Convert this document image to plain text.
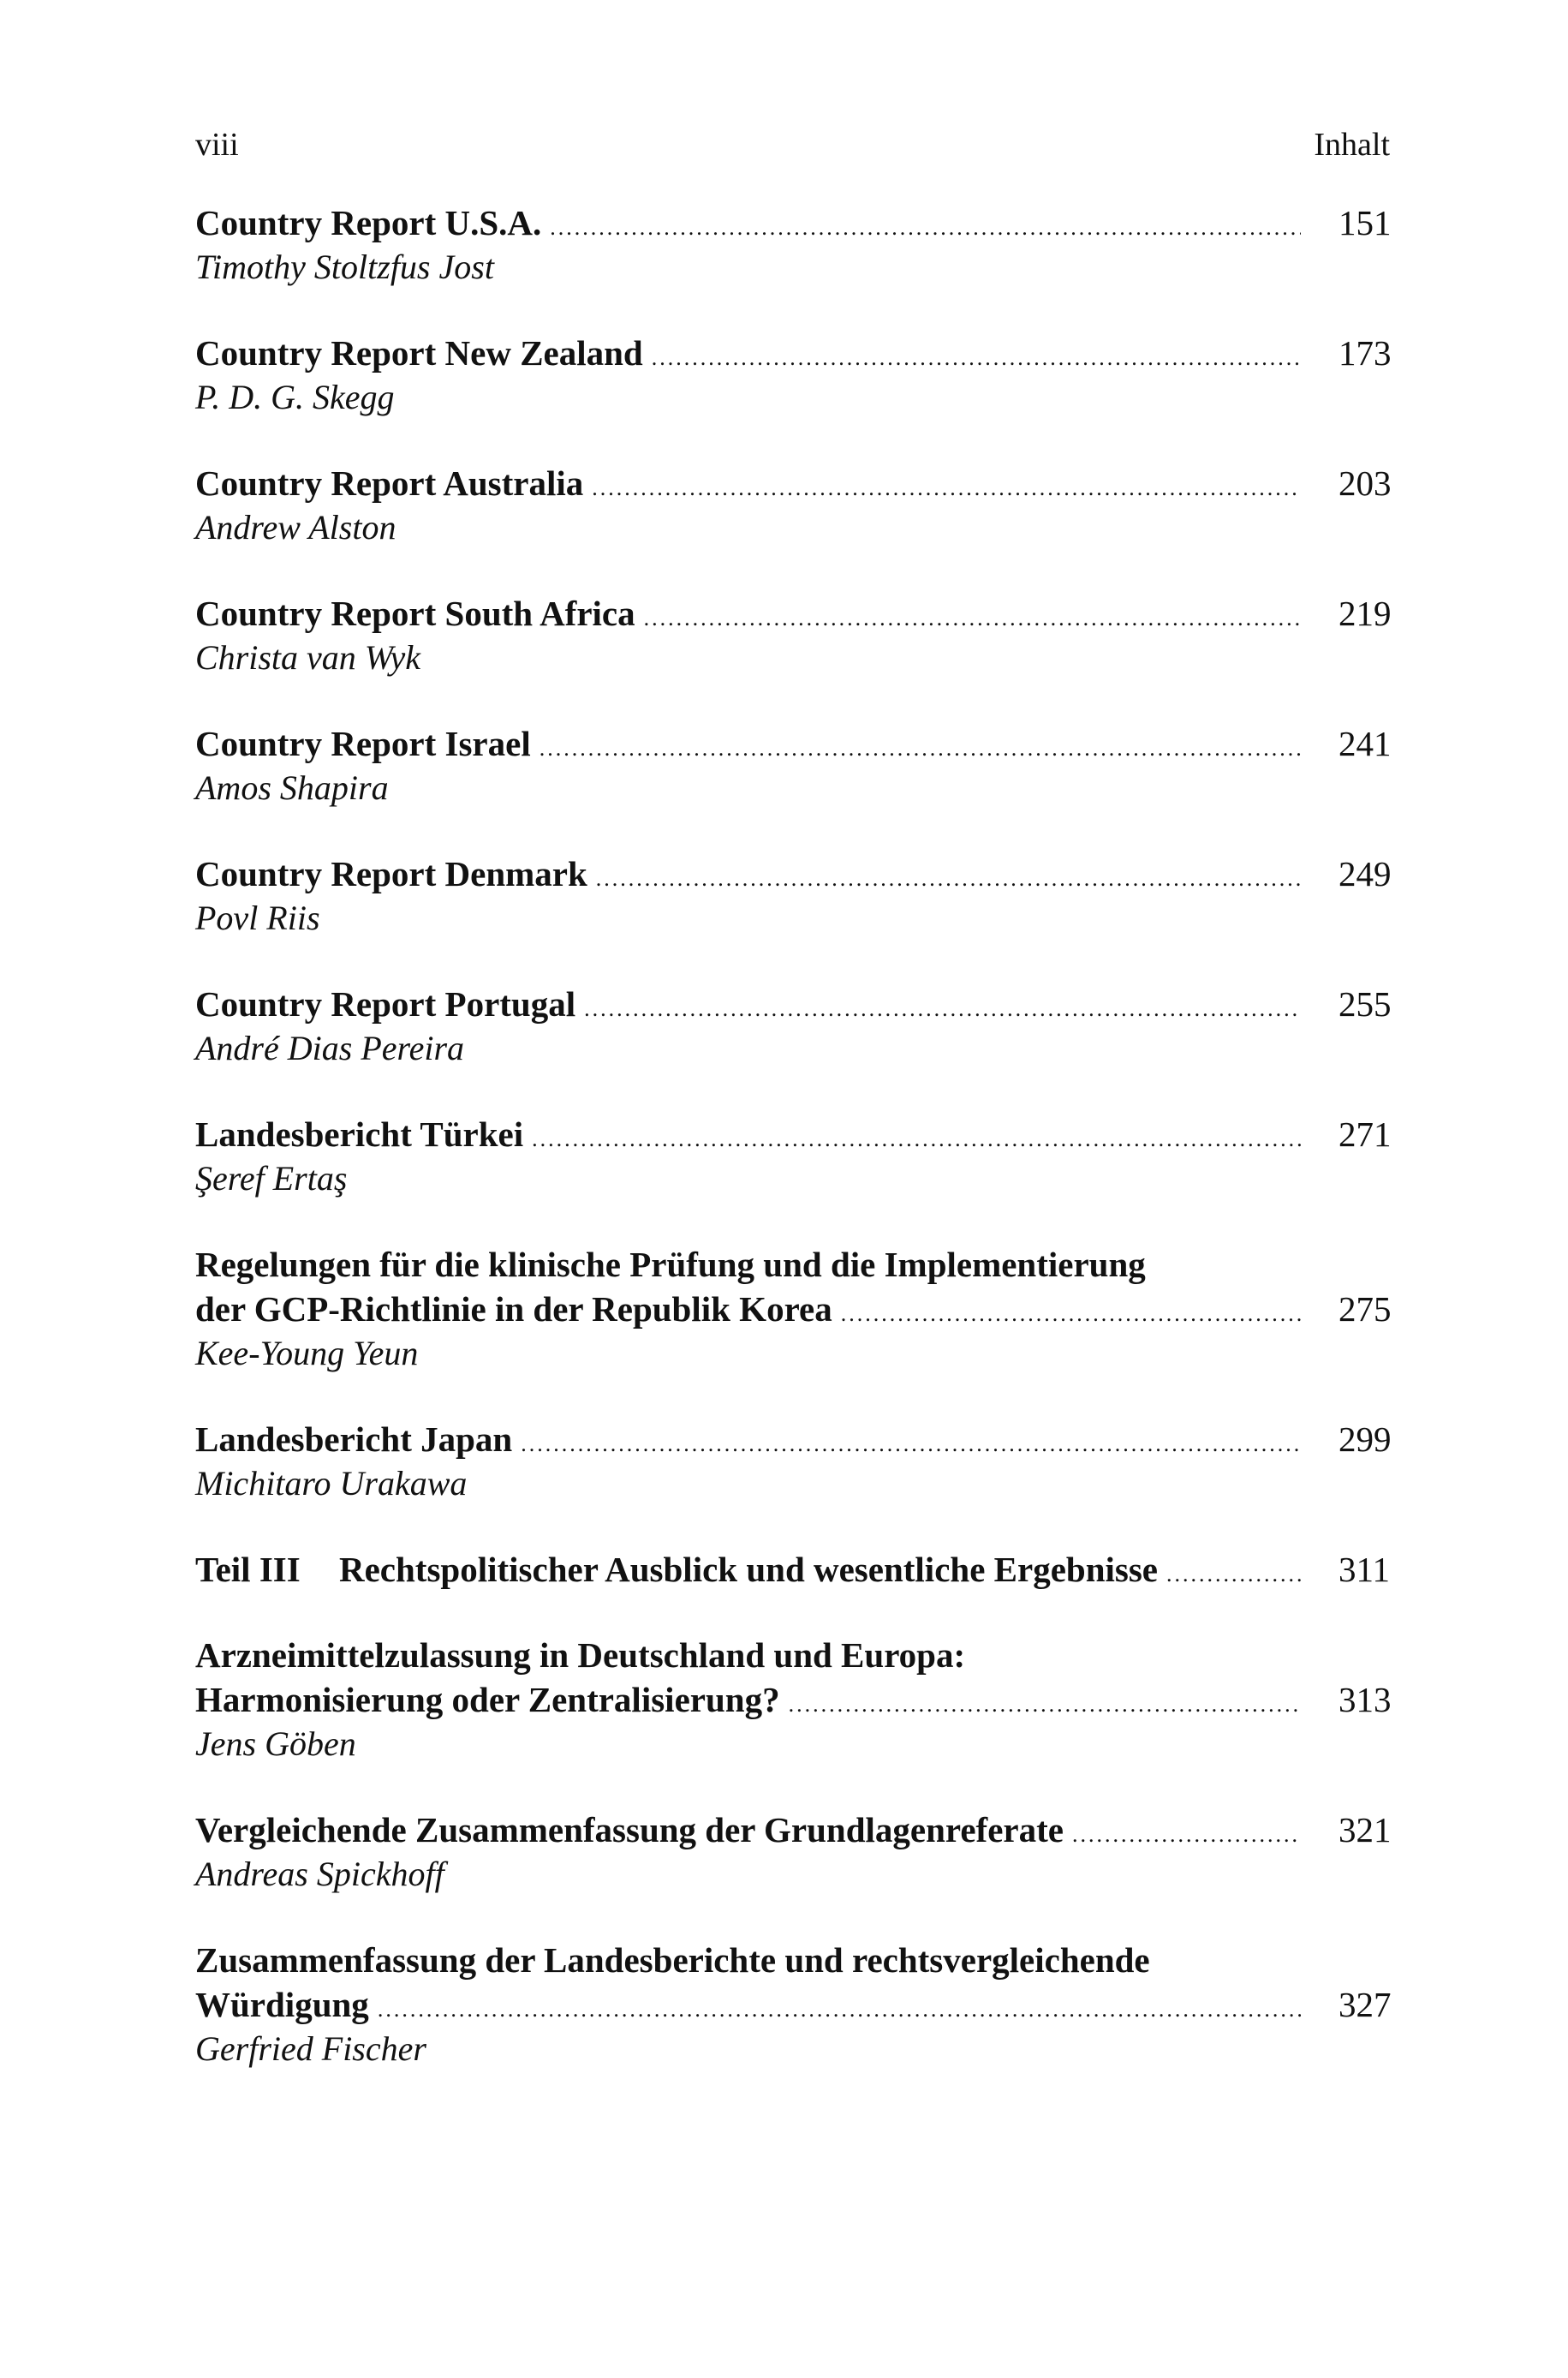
viii	Inhalt
Country Report U.S.A. .....	151
Timothy Stoltzfus Jost
Country Report New Zealand .....	173
P. D. G. Skegg
Country Report Australia .....	203
Andrew Alston
Country Report South Africa .....	219
Christa van Wyk
Country Report Israel .....	241
Amos Shapira
Country Report Denmark .....	249
Povl Riis
Country Report Portugal .....	255
André Dias Pereira
Landesbericht Türkei .....	271
Şeref Ertaş
Regelungen für die klinische Prüfung und die Implementierung
der GCP-Richtlinie in der Republik Korea .....	275
Kee-Young Yeun
Landesbericht Japan .....	299
Michitaro Urakawa
Teil III	Rechtspolitischer Ausblick und wesentliche Ergebnisse .....	311
Arzneimittelzulassung in Deutschland und Europa:
Harmonisierung oder Zentralisierung? .....	313
Jens Göben
Vergleichende Zusammenfassung der Grundlagenreferate .....	321
Andreas Spickhoff
Zusammenfassung der Landesberichte und rechtsvergleichende
Würdigung .....	327
Gerfried Fischer
